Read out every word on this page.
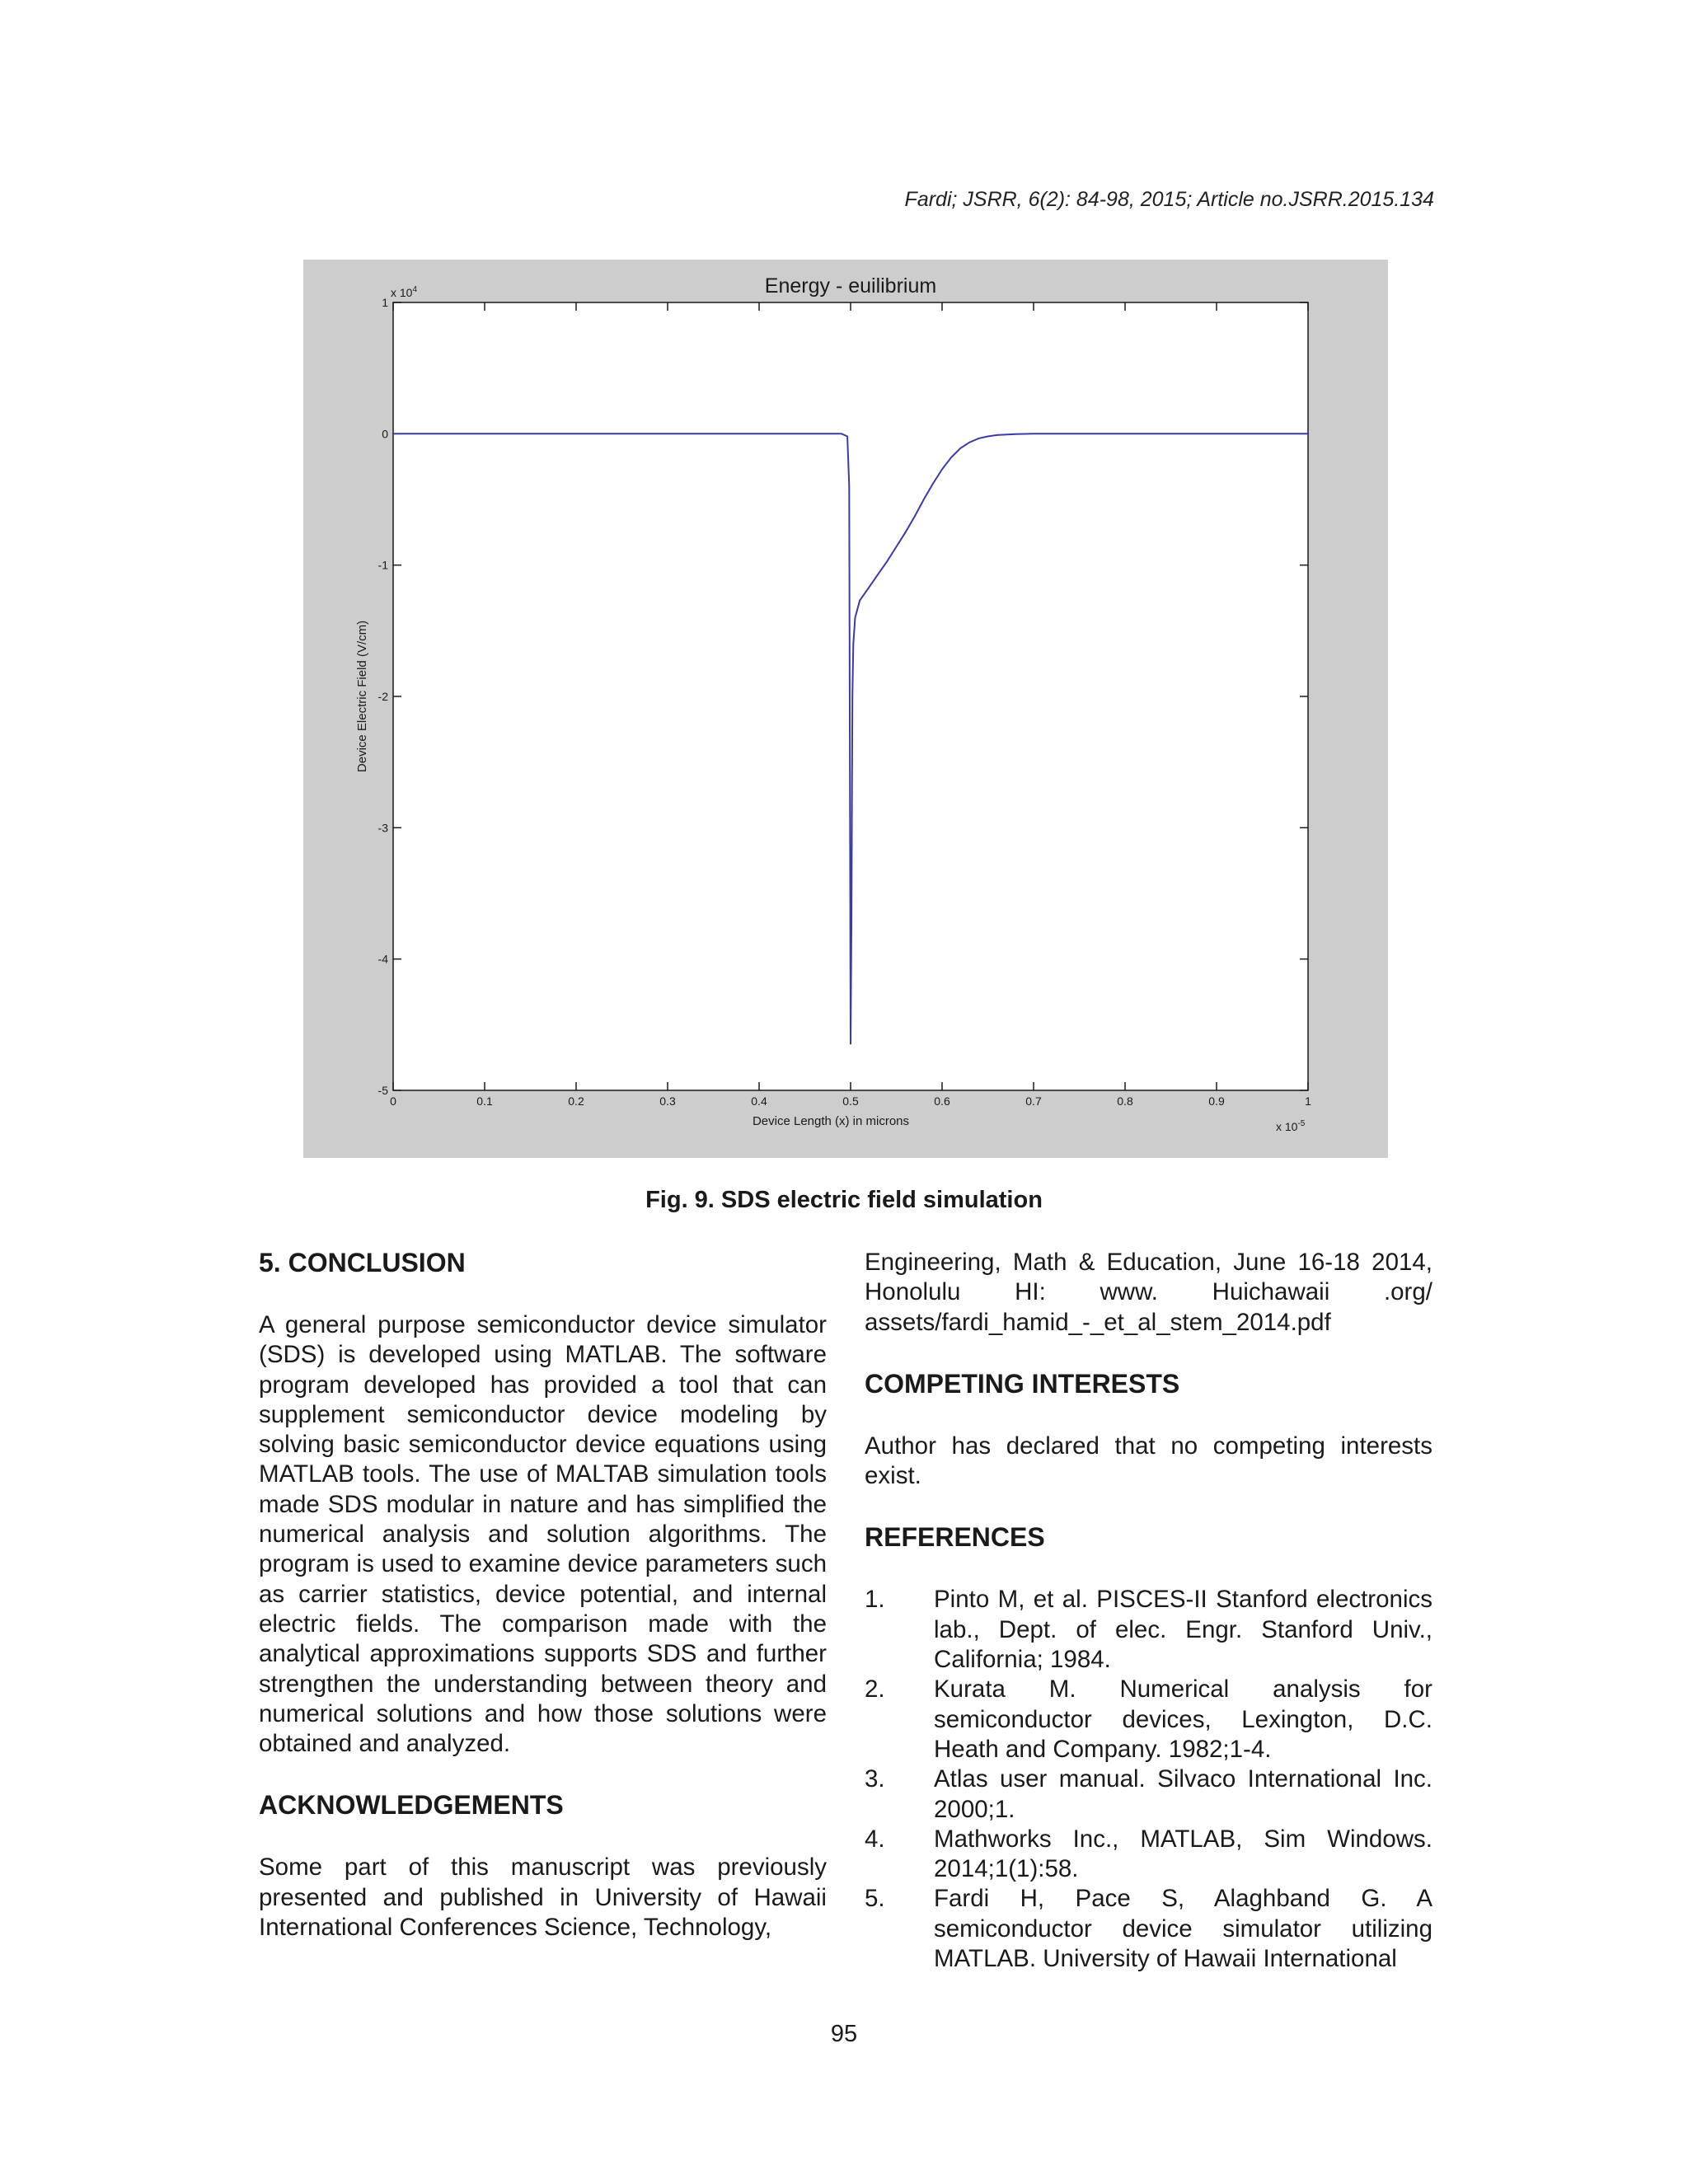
Fardi; JSRR, 6(2): 84-98, 2015; Article no.JSRR.2015.134
0	0.1	0.2	0.3	0.4	0.5	0.6	0.7	0.8	0.9	1
1
0
-1
-2
-3
-4
-5
Energy - euilibrium
Device Length (x) in microns
Device Electric Field (V/cm)
x $10^4$
x $10^{-5}$
Fig. 9. SDS electric field simulation
5. CONCLUSION

A general purpose semiconductor device simulator (SDS) is developed using MATLAB. The software program developed has provided a tool that can supplement semiconductor device modeling by solving basic semiconductor device equations using MATLAB tools. The use of MALTAB simulation tools made SDS modular in nature and has simplified the numerical analysis and solution algorithms. The program is used to examine device parameters such as carrier statistics, device potential, and internal electric fields. The comparison made with the analytical approximations supports SDS and further strengthen the understanding between theory and numerical solutions and how those solutions were obtained and analyzed.

ACKNOWLEDGEMENTS

Some part of this manuscript was previously presented and published in University of Hawaii International Conferences Science, Technology,

Engineering, Math & Education, June 16-18 2014, Honolulu HI: www. Huichawaii .org/ assets/fardi_hamid_-_et_al_stem_2014.pdf

COMPETING INTERESTS

Author has declared that no competing interests exist.

REFERENCES
1. Pinto M, et al. PISCES-II Stanford electronics lab., Dept. of elec. Engr. Stanford Univ., California; 1984.
2. Kurata M. Numerical analysis for semiconductor devices, Lexington, D.C. Heath and Company. 1982;1-4.
3. Atlas user manual. Silvaco International Inc. 2000;1.
4. Mathworks Inc., MATLAB, Sim Windows. 2014;1(1):58.
5. Fardi H, Pace S, Alaghband G. A semiconductor device simulator utilizing MATLAB. University of Hawaii International
95
